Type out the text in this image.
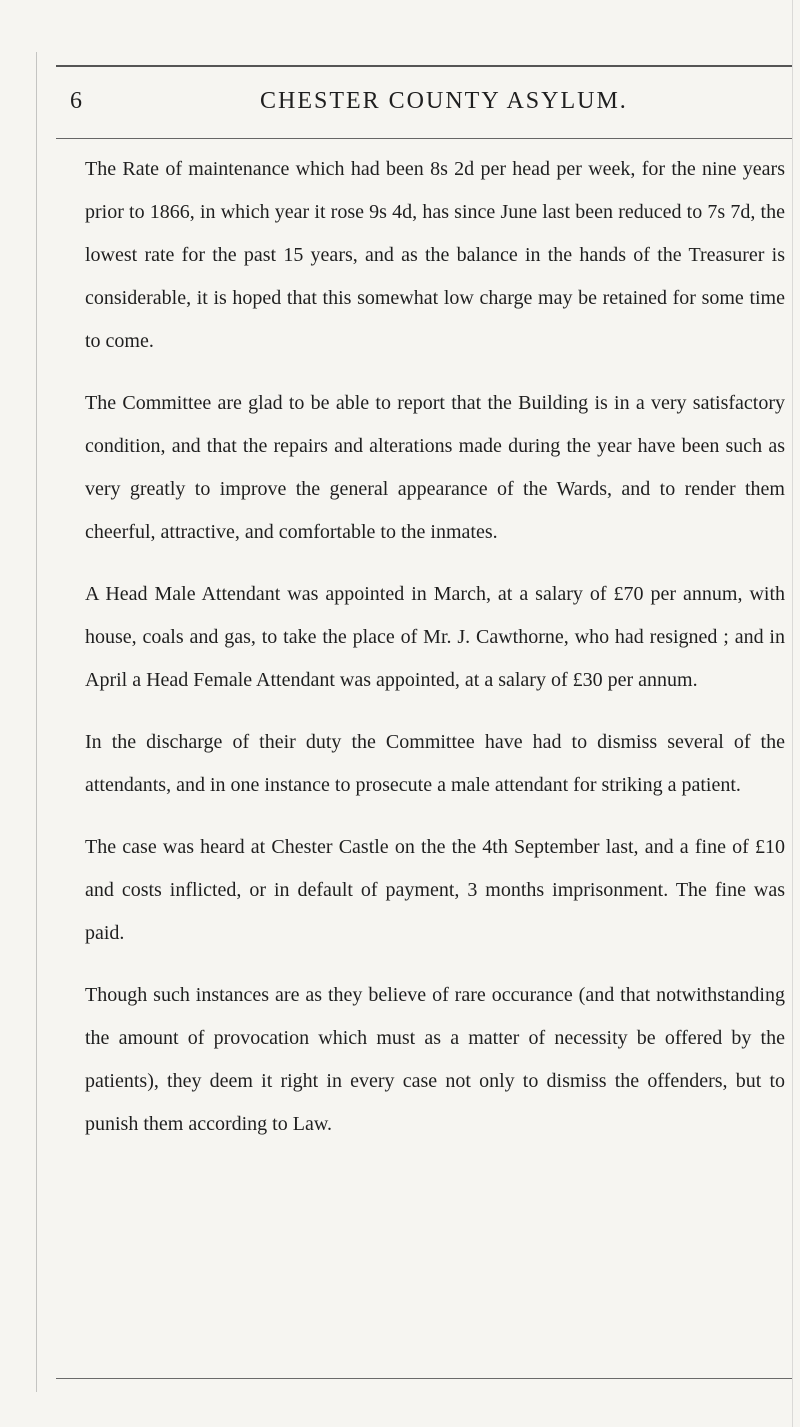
6	CHESTER COUNTY ASYLUM.

The Rate of maintenance which had been 8s 2d per head per week, for the nine years prior to 1866, in which year it rose 9s 4d, has since June last been reduced to 7s 7d, the lowest rate for the past 15 years, and as the balance in the hands of the Treasurer is considerable, it is hoped that this somewhat low charge may be retained for some time to come.

The Committee are glad to be able to report that the Building is in a very satisfactory condition, and that the repairs and alterations made during the year have been such as very greatly to improve the general appearance of the Wards, and to render them cheerful, attractive, and comfortable to the inmates.

A Head Male Attendant was appointed in March, at a salary of £70 per annum, with house, coals and gas, to take the place of Mr. J. Cawthorne, who had resigned ; and in April a Head Female Attendant was appointed, at a salary of £30 per annum.

In the discharge of their duty the Committee have had to dismiss several of the attendants, and in one instance to prosecute a male attendant for striking a patient.

The case was heard at Chester Castle on the the 4th September last, and a fine of £10 and costs inflicted, or in default of payment, 3 months imprisonment. The fine was paid.

Though such instances are as they believe of rare occurance (and that notwithstanding the amount of provocation which must as a matter of necessity be offered by the patients), they deem it right in every case not only to dismiss the offenders, but to punish them according to Law.
